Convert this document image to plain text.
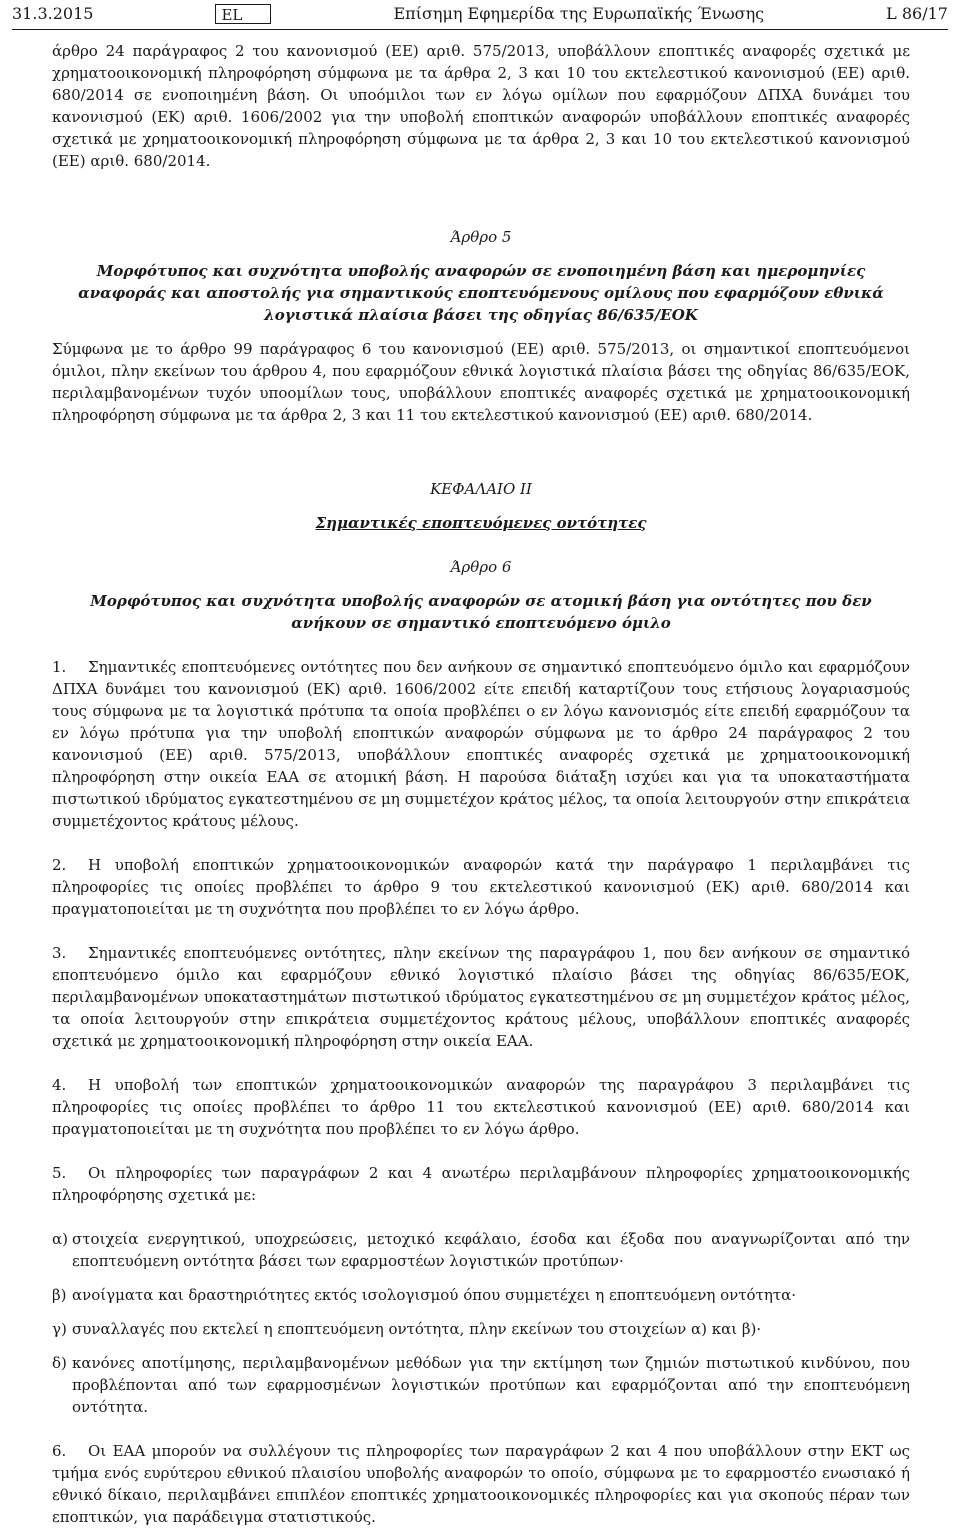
31.3.2015	EL	Επίσημη Εφημερίδα της Ευρωπαϊκής Ένωσης	L 86/17

άρθρο 24 παράγραφος 2 του κανονισμού (ΕΕ) αριθ. 575/2013, υποβάλλουν εποπτικές αναφορές σχετικά με χρηματοοικονομική πληροφόρηση σύμφωνα με τα άρθρα 2, 3 και 10 του εκτελεστικού κανονισμού (ΕΕ) αριθ. 680/2014 σε ενοποιημένη βάση. Οι υποόμιλοι των εν λόγω ομίλων που εφαρμόζουν ΔΠΧΑ δυνάμει του κανονισμού (ΕΚ) αριθ. 1606/2002 για την υποβολή εποπτικών αναφορών υποβάλλουν εποπτικές αναφορές σχετικά με χρηματοοικονομική πληροφόρηση σύμφωνα με τα άρθρα 2, 3 και 10 του εκτελεστικού κανονισμού (ΕΕ) αριθ. 680/2014.

Άρθρο 5

Μορφότυπος και συχνότητα υποβολής αναφορών σε ενοποιημένη βάση και ημερομηνίες αναφοράς και αποστολής για σημαντικούς εποπτευόμενους ομίλους που εφαρμόζουν εθνικά λογιστικά πλαίσια βάσει της οδηγίας 86/635/ΕΟΚ

Σύμφωνα με το άρθρο 99 παράγραφος 6 του κανονισμού (ΕΕ) αριθ. 575/2013, οι σημαντικοί εποπτευόμενοι όμιλοι, πλην εκείνων του άρθρου 4, που εφαρμόζουν εθνικά λογιστικά πλαίσια βάσει της οδηγίας 86/635/ΕΟΚ, περιλαμβανομένων τυχόν υποομίλων τους, υποβάλλουν εποπτικές αναφορές σχετικά με χρηματοοικονομική πληροφόρηση σύμφωνα με τα άρθρα 2, 3 και 11 του εκτελεστικού κανονισμού (ΕΕ) αριθ. 680/2014.

ΚΕΦΑΛΑΙΟ II

Σημαντικές εποπτευόμενες οντότητες

Άρθρο 6

Μορφότυπος και συχνότητα υποβολής αναφορών σε ατομική βάση για οντότητες που δεν ανήκουν σε σημαντικό εποπτευόμενο όμιλο

1. Σημαντικές εποπτευόμενες οντότητες που δεν ανήκουν σε σημαντικό εποπτευόμενο όμιλο και εφαρμόζουν ΔΠΧΑ δυνάμει του κανονισμού (ΕΚ) αριθ. 1606/2002 είτε επειδή καταρτίζουν τους ετήσιους λογαριασμούς τους σύμφωνα με τα λογιστικά πρότυπα τα οποία προβλέπει ο εν λόγω κανονισμός είτε επειδή εφαρμόζουν τα εν λόγω πρότυπα για την υποβολή εποπτικών αναφορών σύμφωνα με το άρθρο 24 παράγραφος 2 του κανονισμού (ΕΕ) αριθ. 575/2013, υποβάλλουν εποπτικές αναφορές σχετικά με χρηματοοικονομική πληροφόρηση στην οικεία ΕΑΑ σε ατομική βάση. Η παρούσα διάταξη ισχύει και για τα υποκαταστήματα πιστωτικού ιδρύματος εγκατεστημένου σε μη συμμετέχον κράτος μέλος, τα οποία λειτουργούν στην επικράτεια συμμετέχοντος κράτους μέλους.

2. Η υποβολή εποπτικών χρηματοοικονομικών αναφορών κατά την παράγραφο 1 περιλαμβάνει τις πληροφορίες τις οποίες προβλέπει το άρθρο 9 του εκτελεστικού κανονισμού (ΕΚ) αριθ. 680/2014 και πραγματοποιείται με τη συχνότητα που προβλέπει το εν λόγω άρθρο.

3. Σημαντικές εποπτευόμενες οντότητες, πλην εκείνων της παραγράφου 1, που δεν ανήκουν σε σημαντικό εποπτευόμενο όμιλο και εφαρμόζουν εθνικό λογιστικό πλαίσιο βάσει της οδηγίας 86/635/ΕΟΚ, περιλαμβανομένων υποκαταστημάτων πιστωτικού ιδρύματος εγκατεστημένου σε μη συμμετέχον κράτος μέλος, τα οποία λειτουργούν στην επικράτεια συμμετέχοντος κράτους μέλους, υποβάλλουν εποπτικές αναφορές σχετικά με χρηματοοικονομική πληροφόρηση στην οικεία ΕΑΑ.

4. Η υποβολή των εποπτικών χρηματοοικονομικών αναφορών της παραγράφου 3 περιλαμβάνει τις πληροφορίες τις οποίες προβλέπει το άρθρο 11 του εκτελεστικού κανονισμού (ΕΕ) αριθ. 680/2014 και πραγματοποιείται με τη συχνότητα που προβλέπει το εν λόγω άρθρο.

5. Οι πληροφορίες των παραγράφων 2 και 4 ανωτέρω περιλαμβάνουν πληροφορίες χρηματοοικονομικής πληροφόρησης σχετικά με:

α) στοιχεία ενεργητικού, υποχρεώσεις, μετοχικό κεφάλαιο, έσοδα και έξοδα που αναγνωρίζονται από την εποπτευόμενη οντότητα βάσει των εφαρμοστέων λογιστικών προτύπων·
β) ανοίγματα και δραστηριότητες εκτός ισολογισμού όπου συμμετέχει η εποπτευόμενη οντότητα·
γ) συναλλαγές που εκτελεί η εποπτευόμενη οντότητα, πλην εκείνων του στοιχείων α) και β)·
δ) κανόνες αποτίμησης, περιλαμβανομένων μεθόδων για την εκτίμηση των ζημιών πιστωτικού κινδύνου, που προβλέπονται από των εφαρμοσμένων λογιστικών προτύπων και εφαρμόζονται από την εποπτευόμενη οντότητα.

6. Οι ΕΑΑ μπορούν να συλλέγουν τις πληροφορίες των παραγράφων 2 και 4 που υποβάλλουν στην ΕΚΤ ως τμήμα ενός ευρύτερου εθνικού πλαισίου υποβολής αναφορών το οποίο, σύμφωνα με το εφαρμοστέο ενωσιακό ή εθνικό δίκαιο, περιλαμβάνει επιπλέον εποπτικές χρηματοοικονομικές πληροφορίες και για σκοπούς πέραν των εποπτικών, για παράδειγμα στατιστικούς.
